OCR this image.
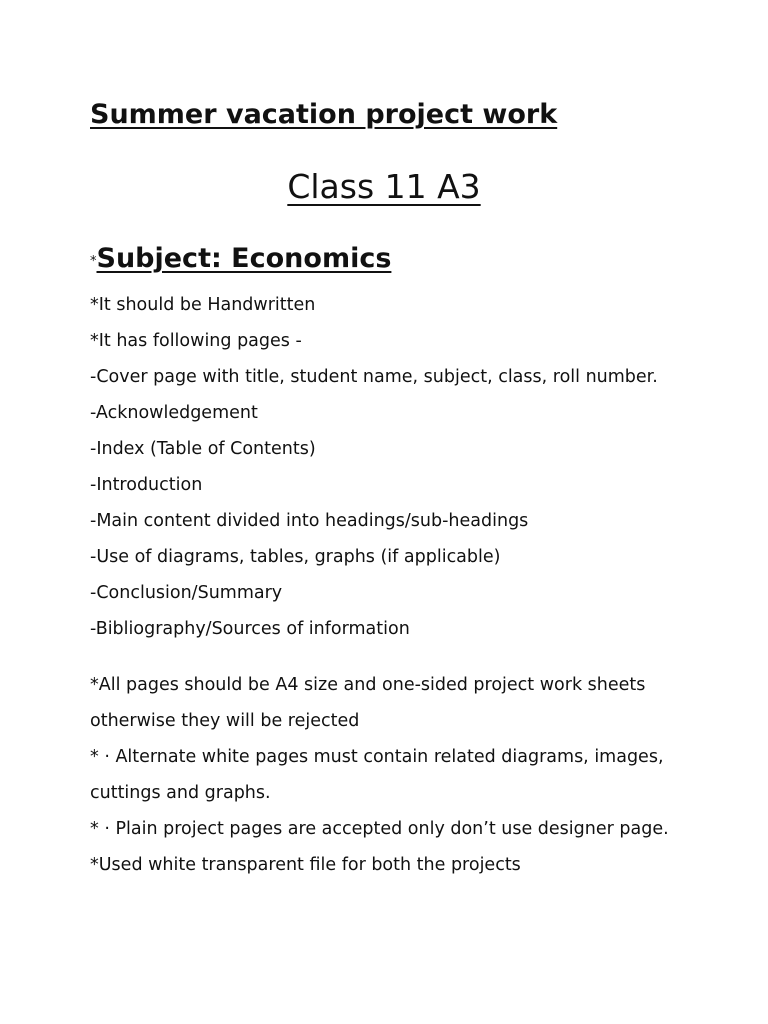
Summer vacation project work
Class 11 A3
*Subject: Economics
*It should be Handwritten
*It has following pages -
-Cover page with title, student name, subject, class, roll number.
-Acknowledgement
-Index (Table of Contents)
-Introduction
-Main content divided into headings/sub-headings
-Use of diagrams, tables, graphs (if applicable)
-Conclusion/Summary
-Bibliography/Sources of information
*All pages should be A4 size and one-sided project work sheets
otherwise they will be rejected
* · Alternate white pages must contain related diagrams, images,
cuttings and graphs.
* · Plain project pages are accepted only don’t use designer page.
*Used white transparent file for both the projects
